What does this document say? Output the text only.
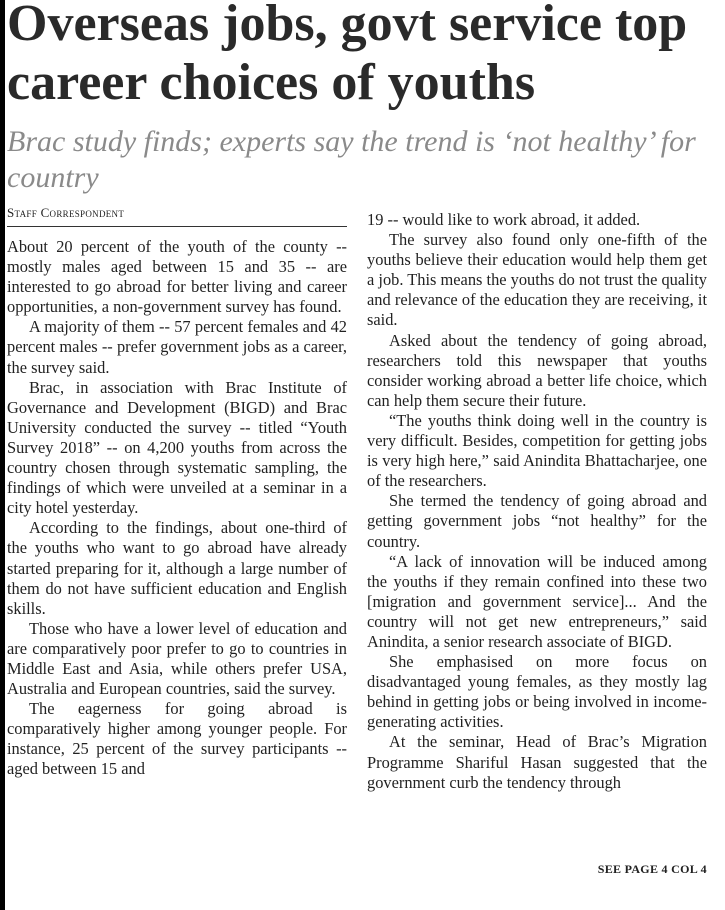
Overseas jobs, govt service top career choices of youths
Brac study finds; experts say the trend is ‘not healthy’ for country
Staff Correspondent

About 20 percent of the youth of the county -- mostly males aged between 15 and 35 -- are interested to go abroad for better living and career opportunities, a non-government survey has found.

A majority of them -- 57 percent females and 42 percent males -- prefer government jobs as a career, the survey said.

Brac, in association with Brac Institute of Governance and Development (BIGD) and Brac University conducted the survey -- titled “Youth Survey 2018” -- on 4,200 youths from across the country chosen through systematic sampling, the findings of which were unveiled at a seminar in a city hotel yesterday.

According to the findings, about one-third of the youths who want to go abroad have already started preparing for it, although a large number of them do not have sufficient education and English skills.

Those who have a lower level of education and are comparatively poor prefer to go to countries in Middle East and Asia, while others prefer USA, Australia and European countries, said the survey.

The eagerness for going abroad is comparatively higher among younger people. For instance, 25 percent of the survey participants -- aged between 15 and

19 -- would like to work abroad, it added.

The survey also found only one-fifth of the youths believe their education would help them get a job. This means the youths do not trust the quality and relevance of the education they are receiving, it said.

Asked about the tendency of going abroad, researchers told this newspaper that youths consider working abroad a better life choice, which can help them secure their future.

“The youths think doing well in the country is very difficult. Besides, competition for getting jobs is very high here,” said Anindita Bhattacharjee, one of the researchers.

She termed the tendency of going abroad and getting government jobs “not healthy” for the country.

“A lack of innovation will be induced among the youths if they remain confined into these two [migration and government service]... And the country will not get new entrepreneurs,” said Anindita, a senior research associate of BIGD.

She emphasised on more focus on disadvantaged young females, as they mostly lag behind in getting jobs or being involved in income-generating activities.

At the seminar, Head of Brac’s Migration Programme Shariful Hasan suggested that the government curb the tendency through

SEE PAGE 4 COL 4
